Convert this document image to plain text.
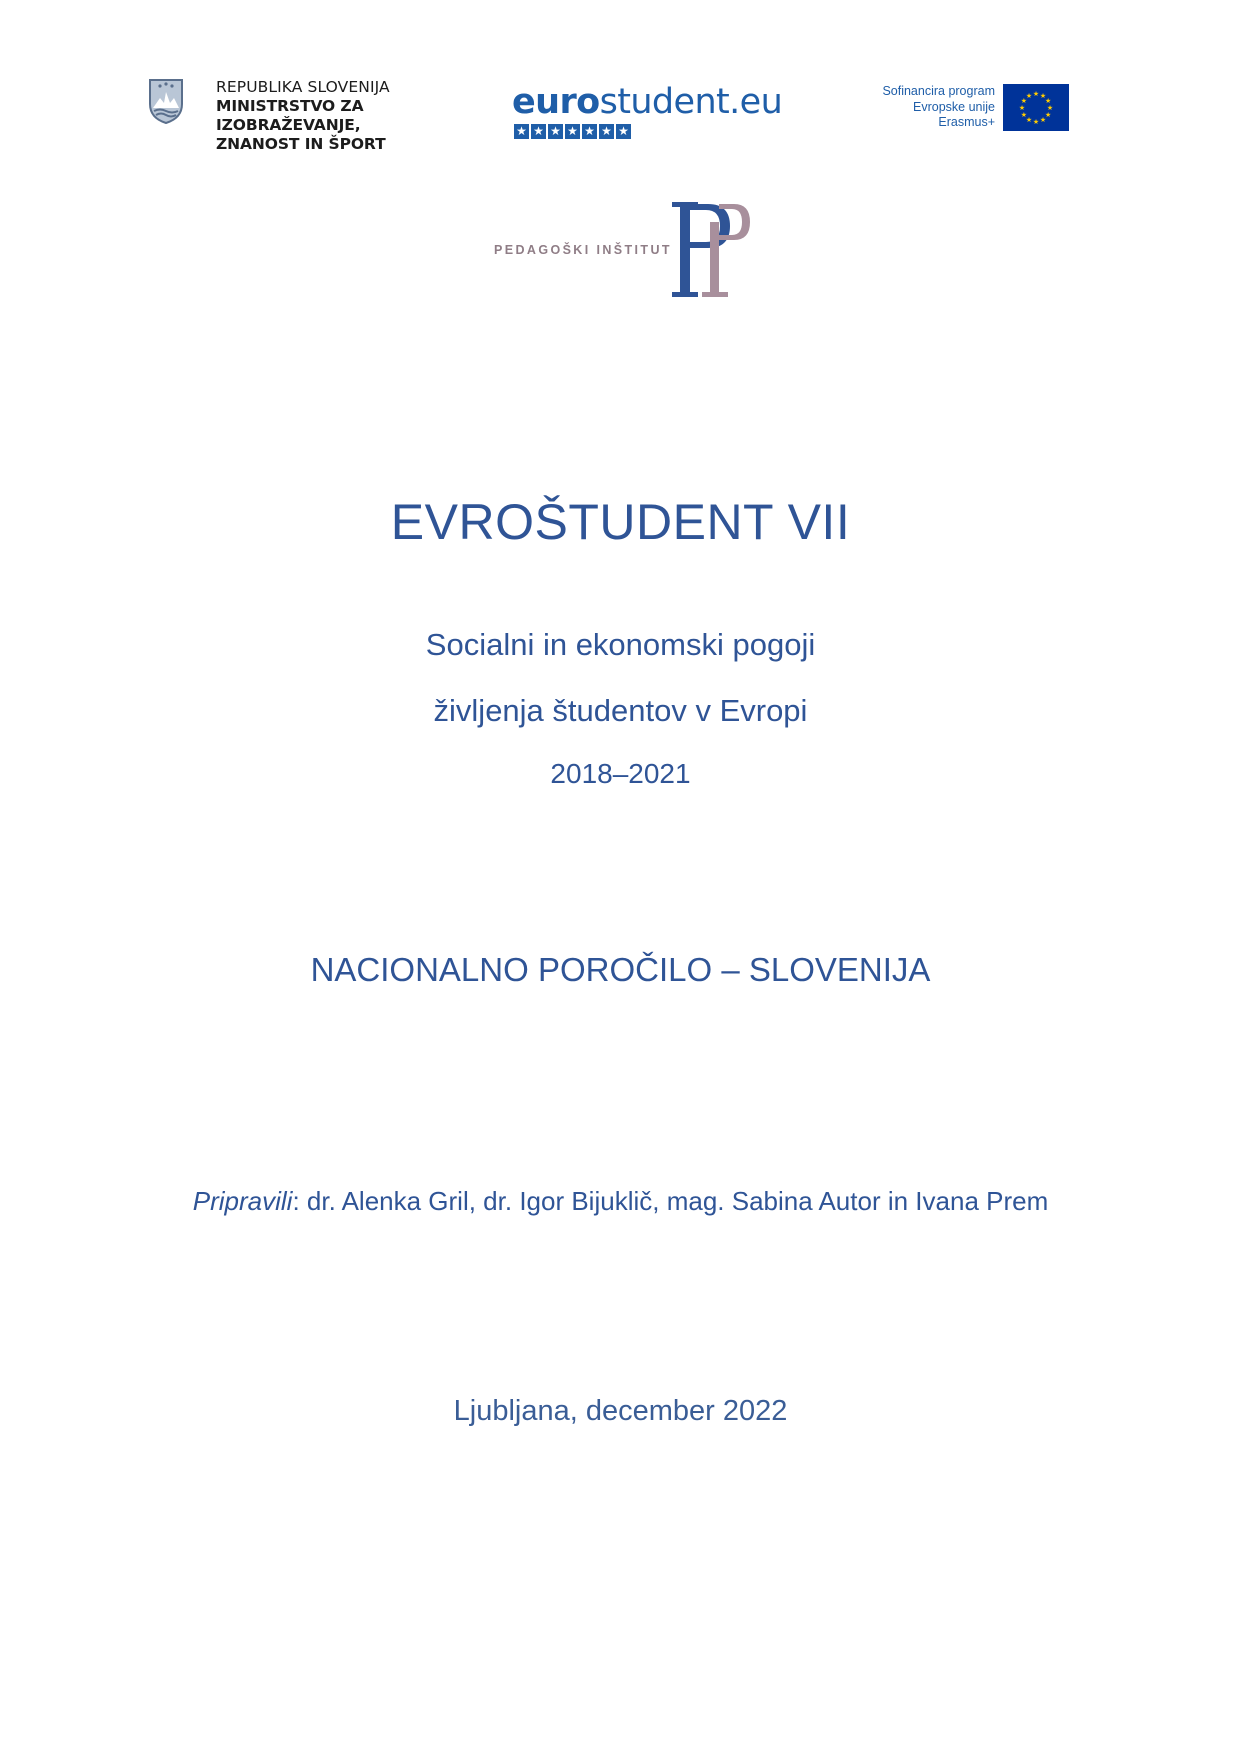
REPUBLIKA SLOVENIJA
MINISTRSTVO ZA IZOBRAŽEVANJE,
ZNANOST IN ŠPORT
eurostudent.eu
★ ★ ★ ★ ★ ★ ★
Sofinancira program
Evropske unije
Erasmus+
★ ★
★
★
★
★
★
★
★
★
★
★
PEDAGOŠKI INŠTITUT
EVROŠTUDENT VII
Socialni in ekonomski pogoji
življenja študentov v Evropi
2018–2021
NACIONALNO POROČILO – SLOVENIJA
Pripravili: dr. Alenka Gril, dr. Igor Bijuklič, mag. Sabina Autor in Ivana Prem
Ljubljana, december 2022
